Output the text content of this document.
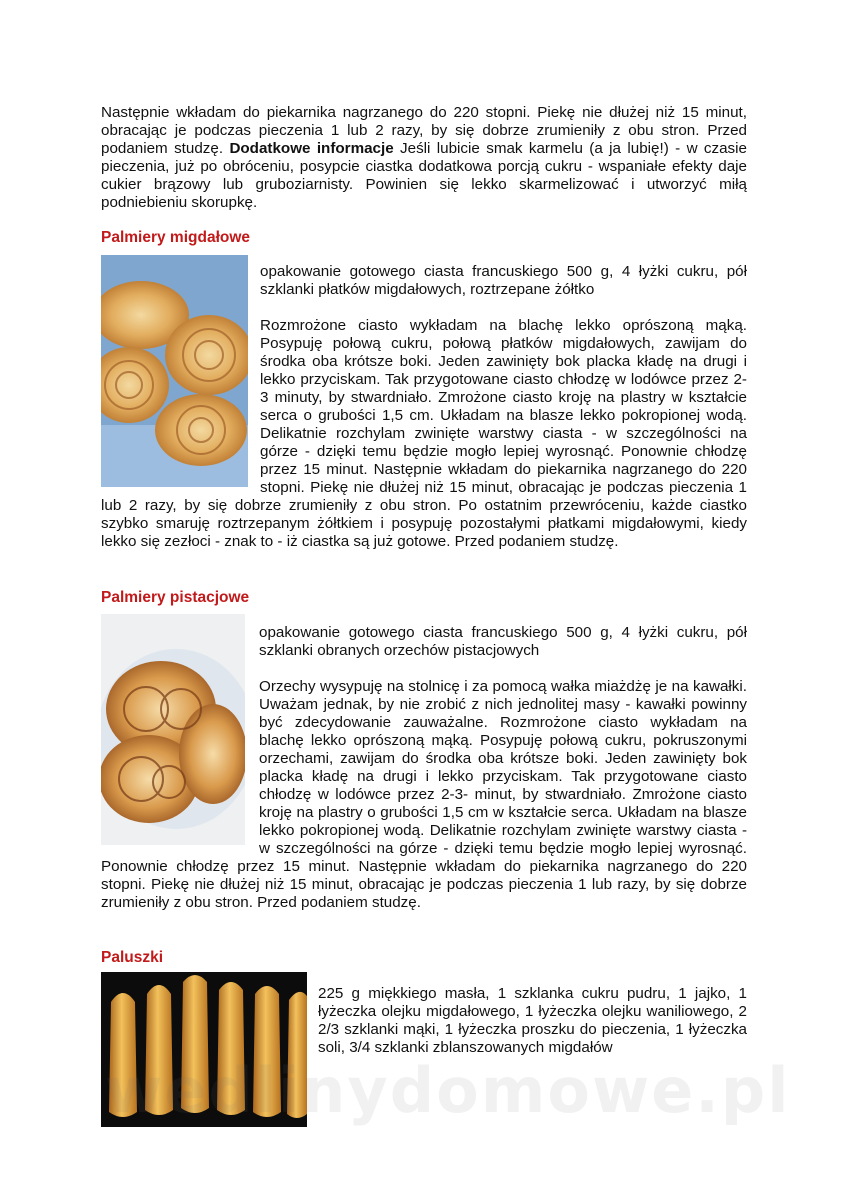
Następnie wkładam do piekarnika nagrzanego do 220 stopni. Piekę nie dłużej niż 15 minut, obracając je podczas pieczenia 1 lub 2 razy, by się dobrze zrumieniły z obu stron. Przed podaniem studzę. Dodatkowe informacje Jeśli lubicie smak karmelu (a ja lubię!) - w czasie pieczenia, już po obróceniu, posypcie ciastka dodatkowa porcją cukru - wspaniałe efekty daje cukier brązowy lub gruboziarnisty. Powinien się lekko skarmelizować i utworzyć miłą podniebieniu skorupkę.

Palmiery migdałowe

opakowanie gotowego ciasta francuskiego 500 g, 4 łyżki cukru, pół szklanki płatków migdałowych, roztrzepane żółtko

Rozmrożone ciasto wykładam na blachę lekko oprószoną mąką. Posypuję połową cukru, połową płatków migdałowych, zawijam do środka oba krótsze boki. Jeden zawinięty bok placka kładę na drugi i lekko przyciskam. Tak przygotowane ciasto chłodzę w lodówce przez 2-3 minuty, by stwardniało. Zmrożone ciasto kroję na plastry w kształcie serca o grubości 1,5 cm. Układam na blasze lekko pokropionej wodą. Delikatnie rozchylam zwinięte warstwy ciasta - w szczególności na górze - dzięki temu będzie mogło lepiej wyrosnąć. Ponownie chłodzę przez 15 minut. Następnie wkładam do piekarnika nagrzanego do 220 stopni. Piekę nie dłużej niż 15 minut, obracając je podczas pieczenia 1 lub 2 razy, by się dobrze zrumieniły z obu stron. Po ostatnim przewróceniu, każde ciastko szybko smaruję roztrzepanym żółtkiem i posypuję pozostałymi płatkami migdałowymi, kiedy lekko się zezłoci - znak to - iż ciastka są już gotowe. Przed podaniem studzę.

Palmiery pistacjowe

opakowanie gotowego ciasta francuskiego 500 g, 4 łyżki cukru, pół szklanki obranych orzechów pistacjowych

Orzechy wysypuję na stolnicę i za pomocą wałka miażdżę je na kawałki. Uważam jednak, by nie zrobić z nich jednolitej masy - kawałki powinny być zdecydowanie zauważalne. Rozmrożone ciasto wykładam na blachę lekko oprószoną mąką. Posypuję połową cukru, pokruszonymi orzechami, zawijam do środka oba krótsze boki. Jeden zawinięty bok placka kładę na drugi i lekko przyciskam. Tak przygotowane ciasto chłodzę w lodówce przez 2-3- minut, by stwardniało. Zmrożone ciasto kroję na plastry o grubości 1,5 cm w kształcie serca. Układam na blasze lekko pokropionej wodą. Delikatnie rozchylam zwinięte warstwy ciasta - w szczególności na górze - dzięki temu będzie mogło lepiej wyrosnąć. Ponownie chłodzę przez 15 minut. Następnie wkładam do piekarnika nagrzanego do 220 stopni. Piekę nie dłużej niż 15 minut, obracając je podczas pieczenia 1 lub razy, by się dobrze zrumieniły z obu stron. Przed podaniem studzę.

Paluszki

225 g miękkiego masła, 1 szklanka cukru pudru, 1 jajko, 1 łyżeczka olejku migdałowego, 1 łyżeczka olejku waniliowego, 2 2/3 szklanki mąki, 1 łyżeczka proszku do pieczenia, 1 łyżeczka soli, 3/4 szklanki zblanszowanych migdałów

wedlinydomowe.pl
